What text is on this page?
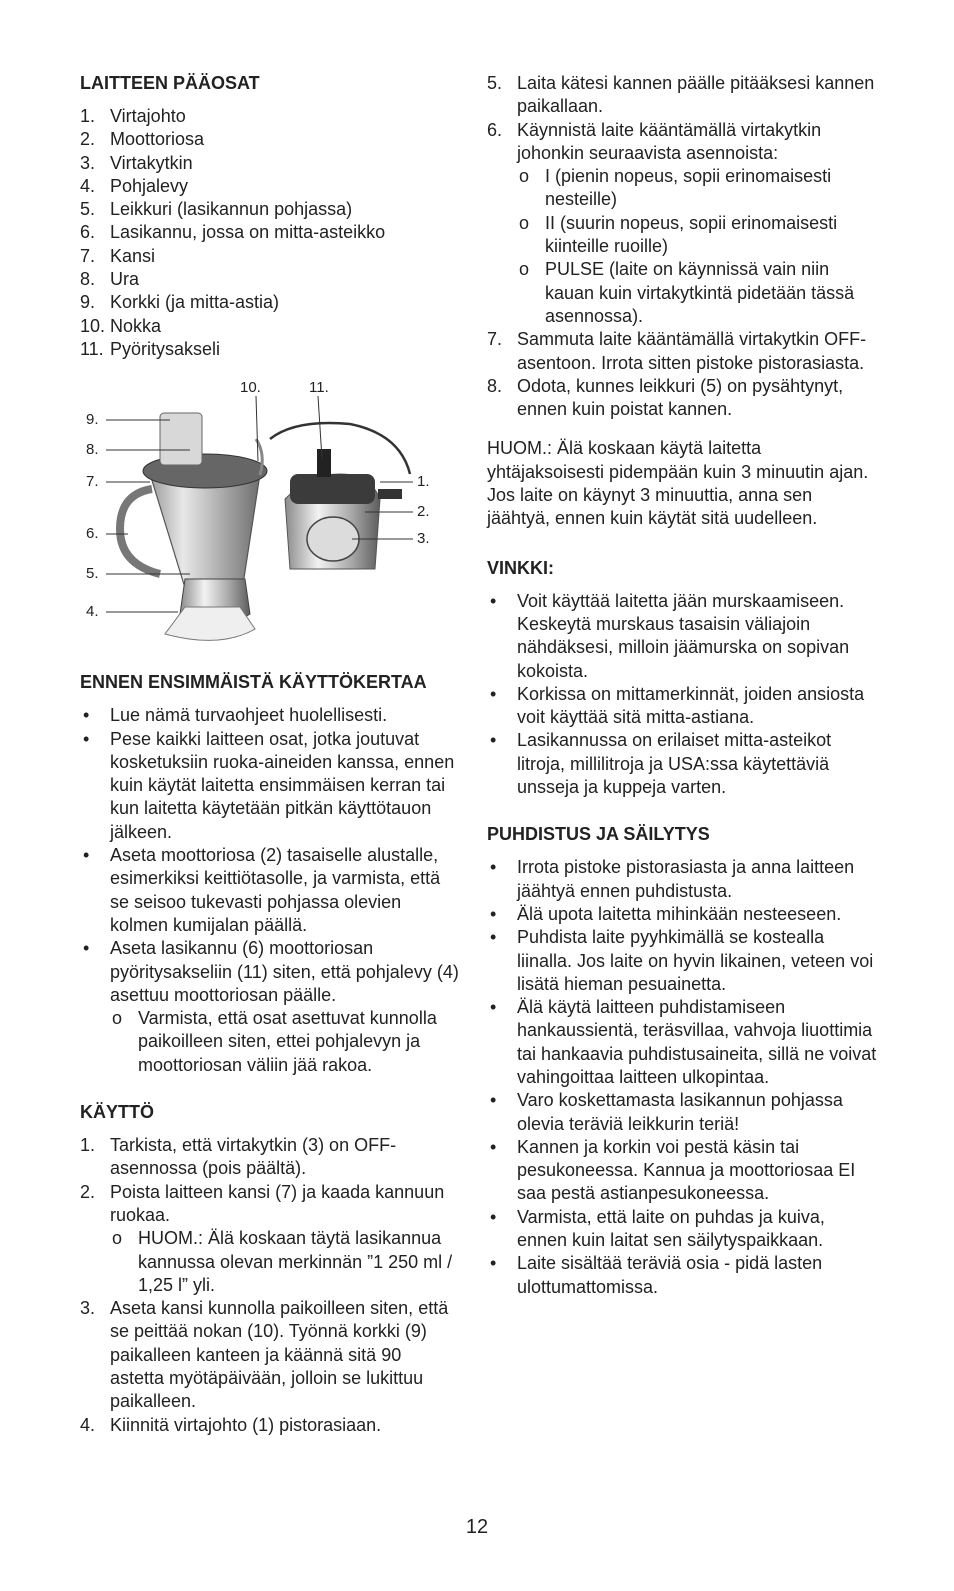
LAITTEEN PÄÄOSAT
1. Virtajohto
2. Moottoriosa
3. Virtakytkin
4. Pohjalevy
5. Leikkuri (lasikannun pohjassa)
6. Lasikannu, jossa on mitta-asteikko
7. Kansi
8. Ura
9. Korkki (ja mitta-astia)
10. Nokka
11. Pyöritysakseli
9.
8.
7.
6.
5.
4.
10.	11.
1.
2.
3.
ENNEN ENSIMMÄISTÄ KÄYTTÖKERTAA
• Lue nämä turvaohjeet huolellisesti.
• Pese kaikki laitteen osat, jotka joutuvat kosketuksiin ruoka-aineiden kanssa, ennen kuin käytät laitetta ensimmäisen kerran tai kun laitetta käytetään pitkän käyttötauon jälkeen.
• Aseta moottoriosa (2) tasaiselle alustalle, esimerkiksi keittiötasolle, ja varmista, että se seisoo tukevasti pohjassa olevien kolmen kumijalan päällä.
• Aseta lasikannu (6) moottoriosan pyöritysakseliin (11) siten, että pohjalevy (4) asettuu moottoriosan päälle.
o Varmista, että osat asettuvat kunnolla paikoilleen siten, ettei pohjalevyn ja moottoriosan väliin jää rakoa.
KÄYTTÖ
1. Tarkista, että virtakytkin (3) on OFF-asennossa (pois päältä).
2. Poista laitteen kansi (7) ja kaada kannuun ruokaa.
o HUOM.: Älä koskaan täytä lasikannua kannussa olevan merkinnän ”1 250 ml / 1,25 l” yli.
3. Aseta kansi kunnolla paikoilleen siten, että se peittää nokan (10). Työnnä korkki (9) paikalleen kanteen ja käännä sitä 90 astetta myötäpäivään, jolloin se lukittuu paikalleen.
4. Kiinnitä virtajohto (1) pistorasiaan.
5. Laita kätesi kannen päälle pitääksesi kannen paikallaan.
6. Käynnistä laite kääntämällä virtakytkin johonkin seuraavista asennoista:
o I (pienin nopeus, sopii erinomaisesti nesteille)
o II (suurin nopeus, sopii erinomaisesti kiinteille ruoille)
o PULSE (laite on käynnissä vain niin kauan kuin virtakytkintä pidetään tässä asennossa).
7. Sammuta laite kääntämällä virtakytkin OFF-asentoon. Irrota sitten pistoke pistorasiasta.
8. Odota, kunnes leikkuri (5) on pysähtynyt, ennen kuin poistat kannen.

HUOM.: Älä koskaan käytä laitetta yhtäjaksoisesti pidempään kuin 3 minuutin ajan. Jos laite on käynyt 3 minuuttia, anna sen jäähtyä, ennen kuin käytät sitä uudelleen.

VINKKI:
• Voit käyttää laitetta jään murskaamiseen. Keskeytä murskaus tasaisin väliajoin nähdäksesi, milloin jäämurska on sopivan kokoista.
• Korkissa on mittamerkinnät, joiden ansiosta voit käyttää sitä mitta-astiana.
• Lasikannussa on erilaiset mitta-asteikot litroja, millilitroja ja USA:ssa käytettäviä unsseja ja kuppeja varten.
PUHDISTUS JA SÄILYTYS
• Irrota pistoke pistorasiasta ja anna laitteen jäähtyä ennen puhdistusta.
• Älä upota laitetta mihinkään nesteeseen.
• Puhdista laite pyyhkimällä se kostealla liinalla. Jos laite on hyvin likainen, veteen voi lisätä hieman pesuainetta.
• Älä käytä laitteen puhdistamiseen hankaussientä, teräsvillaa, vahvoja liuottimia tai hankaavia puhdistusaineita, sillä ne voivat vahingoittaa laitteen ulkopintaa.
• Varo koskettamasta lasikannun pohjassa olevia teräviä leikkurin teriä!
• Kannen ja korkin voi pestä käsin tai pesukoneessa. Kannua ja moottoriosaa EI saa pestä astianpesukoneessa.
• Varmista, että laite on puhdas ja kuiva, ennen kuin laitat sen säilytyspaikkaan.
• Laite sisältää teräviä osia - pidä lasten ulottumattomissa.
12
